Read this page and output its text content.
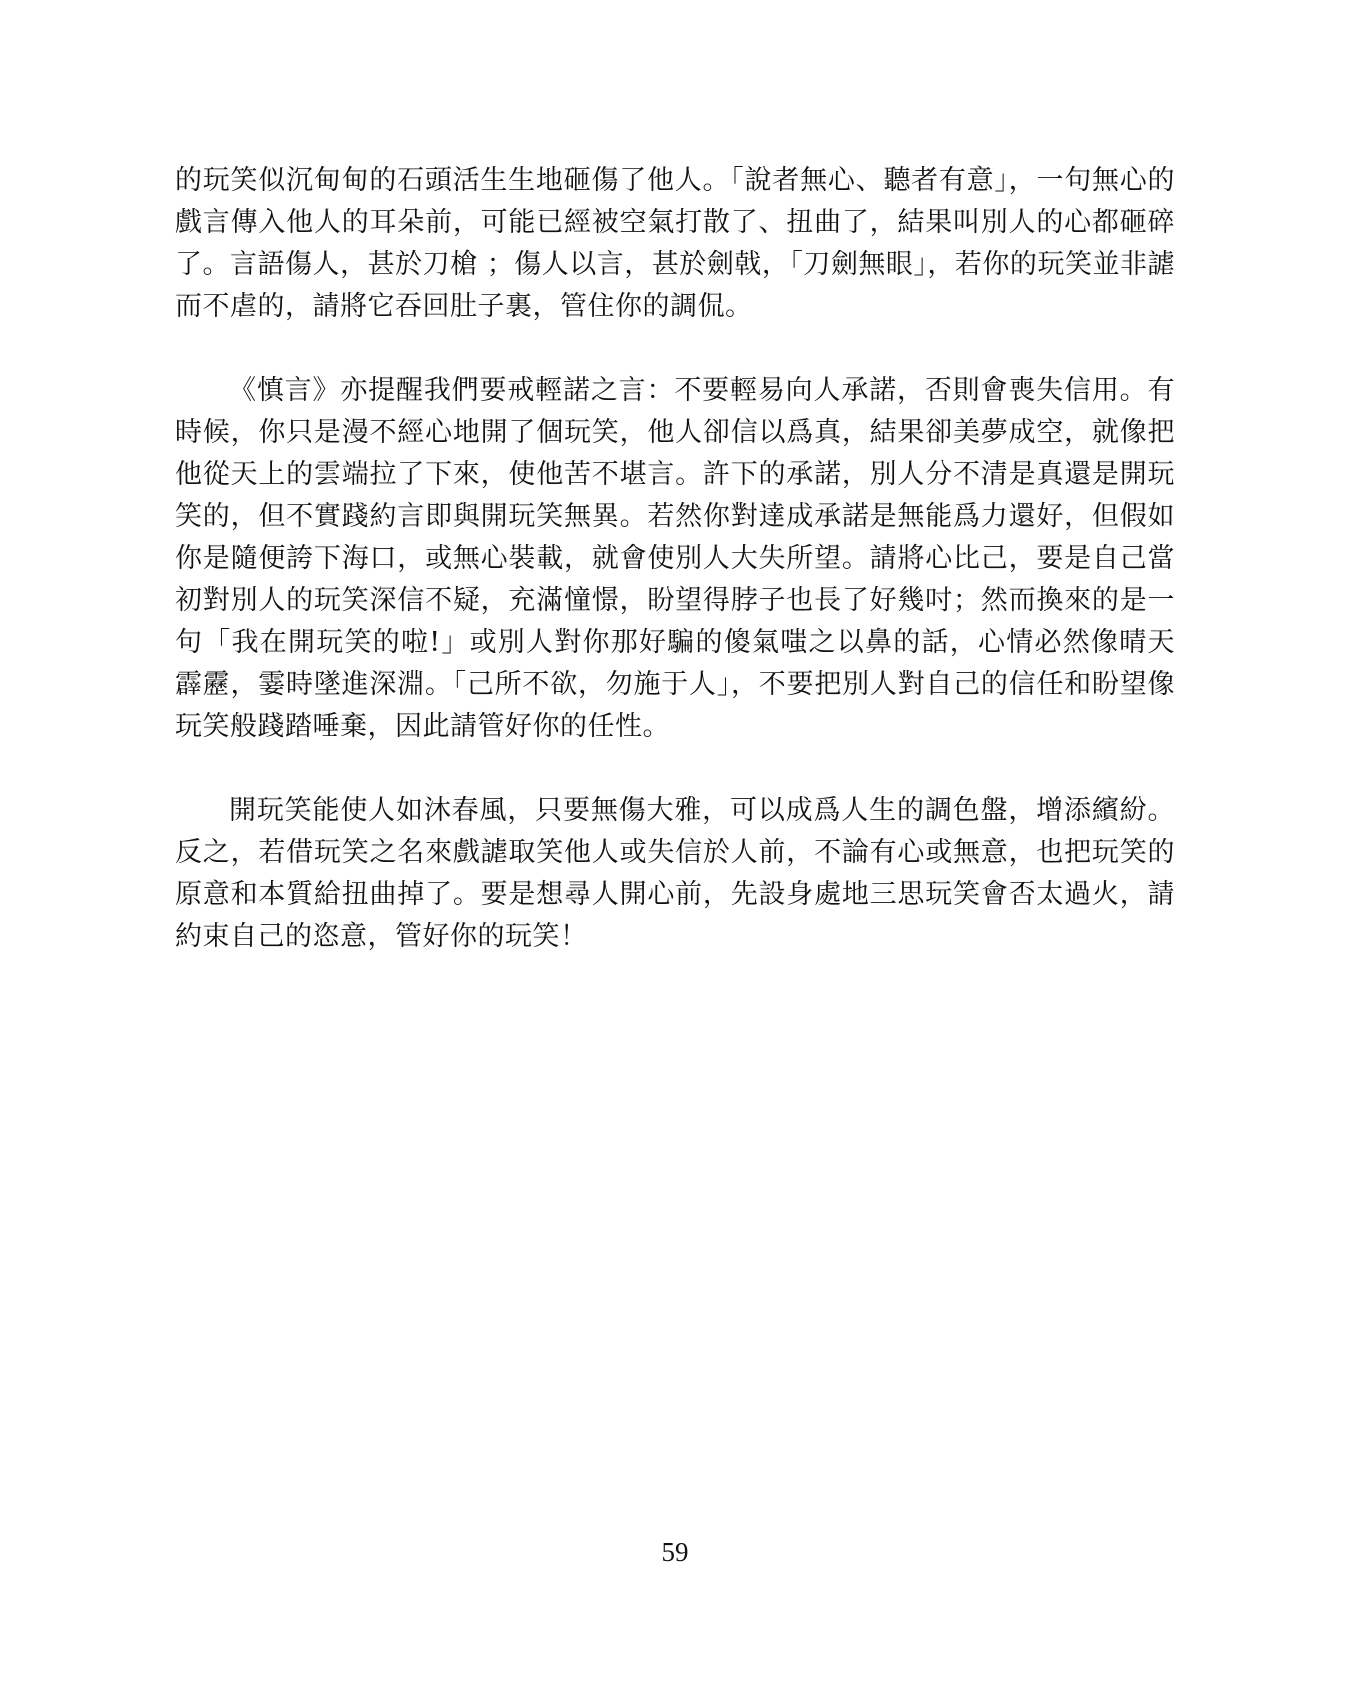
的玩笑似沉甸甸的石頭活生生地砸傷了他人。「說者無心、聽者有意」，一句無心的戲言傳入他人的耳朵前，可能已經被空氣打散了、扭曲了，結果叫別人的心都砸碎了。言語傷人，甚於刀槍 ；傷人以言，甚於劍戟，「刀劍無眼」，若你的玩笑並非謔而不虐的，請將它吞回肚子裏，管住你的調侃。

《慎言》亦提醒我們要戒輕諾之言：不要輕易向人承諾，否則會喪失信用。有時候，你只是漫不經心地開了個玩笑，他人卻信以爲真，結果卻美夢成空，就像把他從天上的雲端拉了下來，使他苦不堪言。許下的承諾，別人分不清是真還是開玩笑的，但不實踐約言即與開玩笑無異。若然你對達成承諾是無能爲力還好，但假如你是隨便誇下海口，或無心裝載，就會使別人大失所望。請將心比己，要是自己當初對別人的玩笑深信不疑，充滿憧憬，盼望得脖子也長了好幾吋；然而換來的是一句「我在開玩笑的啦!」或別人對你那好騙的傻氣嗤之以鼻的話，心情必然像晴天霹靂，霎時墜進深淵。「己所不欲，勿施于人」，不要把別人對自己的信任和盼望像玩笑般踐踏唾棄，因此請管好你的任性。

開玩笑能使人如沐春風，只要無傷大雅，可以成爲人生的調色盤，增添繽紛。反之，若借玩笑之名來戲謔取笑他人或失信於人前，不論有心或無意，也把玩笑的原意和本質給扭曲掉了。要是想尋人開心前，先設身處地三思玩笑會否太過火，請約束自己的恣意，管好你的玩笑！

59
